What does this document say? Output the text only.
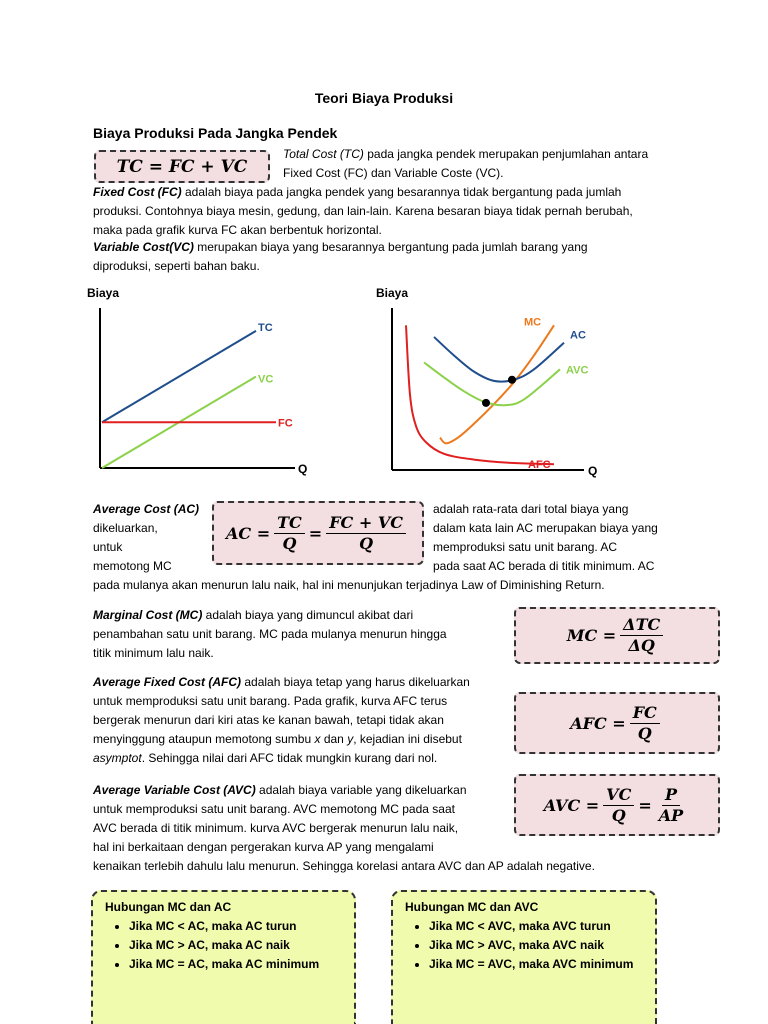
Teori Biaya Produksi
Biaya Produksi Pada Jangka Pendek
TC = FC + VC
Total Cost (TC) pada jangka pendek merupakan penjumlahan antara
Fixed Cost (FC) dan Variable Coste (VC).
Fixed Cost (FC) adalah biaya pada jangka pendek yang besarannya tidak bergantung pada jumlah
produksi. Contohnya biaya mesin, gedung, dan lain-lain. Karena besaran biaya tidak pernah berubah,
maka pada grafik kurva FC akan berbentuk horizontal.
Variable Cost(VC) merupakan biaya yang besarannya bergantung pada jumlah barang yang
diproduksi, seperti bahan baku.
Biaya
Q
TC
VC
FC
Biaya
Q
MC
AC
AVC
AFC
Average Cost (AC)
dikeluarkan,
untuk
memotong MC
AC = $\frac{TC}{Q} = \frac{FC + VC}{Q}$
adalah rata-rata dari total biaya yang
dalam kata lain AC merupakan biaya yang
memproduksi satu unit barang. AC
pada saat AC berada di titik minimum. AC
pada mulanya akan menurun lalu naik, hal ini menunjukan terjadinya Law of Diminishing Return.
Marginal Cost (MC) adalah biaya yang dimuncul akibat dari
penambahan satu unit barang. MC pada mulanya menurun hingga
titik minimum lalu naik.
MC = $\frac{\text{ΔTC}}{\Delta Q}$
Average Fixed Cost (AFC) adalah biaya tetap yang harus dikeluarkan
untuk memproduksi satu unit barang. Pada grafik, kurva AFC terus
bergerak menurun dari kiri atas ke kanan bawah, tetapi tidak akan
menyinggung ataupun memotong sumbu x dan y, kejadian ini disebut
asymptot. Sehingga nilai dari AFC tidak mungkin kurang dari nol.
AFC = $\frac{FC}{Q}$
Average Variable Cost (AVC) adalah biaya variable yang dikeluarkan
untuk memproduksi satu unit barang. AVC memotong MC pada saat
AVC berada di titik minimum. kurva AVC bergerak menurun lalu naik,
hal ini berkaitaan dengan pergerakan kurva AP yang mengalami
kenaikan terlebih dahulu lalu menurun. Sehingga korelasi antara AVC dan AP adalah negative.
AVC = $\frac{VC}{Q} = \frac{P}{AP}$
Hubungan MC dan AC
• Jika MC < AC, maka AC turun
• Jika MC > AC, maka AC naik
• Jika MC = AC, maka AC minimum
Hubungan MC dan AVC
• Jika MC < AVC, maka AVC turun
• Jika MC > AVC, maka AVC naik
• Jika MC = AVC, maka AVC minimum
